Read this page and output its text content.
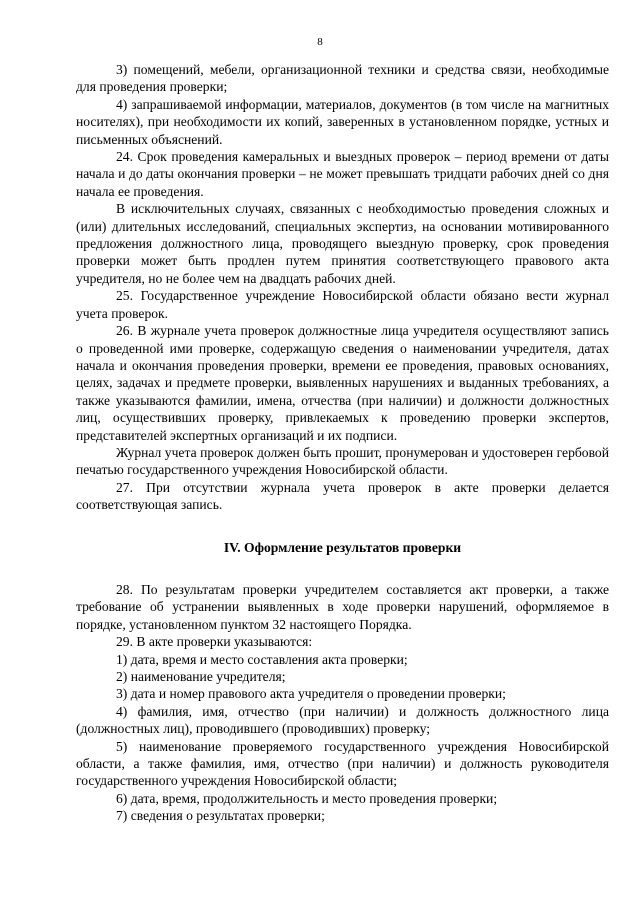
8

3) помещений, мебели, организационной техники и средства связи, необходимые для проведения проверки;

4) запрашиваемой информации, материалов, документов (в том числе на магнитных носителях), при необходимости их копий, заверенных в установленном порядке, устных и письменных объяснений.

24. Срок проведения камеральных и выездных проверок – период времени от даты начала и до даты окончания проверки – не может превышать тридцати рабочих дней со дня начала ее проведения.

В исключительных случаях, связанных с необходимостью проведения сложных и (или) длительных исследований, специальных экспертиз, на основании мотивированного предложения должностного лица, проводящего выездную проверку, срок проведения проверки может быть продлен путем принятия соответствующего правового акта учредителя, но не более чем на двадцать рабочих дней.

25. Государственное учреждение Новосибирской области обязано вести журнал учета проверок.

26. В журнале учета проверок должностные лица учредителя осуществляют запись о проведенной ими проверке, содержащую сведения о наименовании учредителя, датах начала и окончания проведения проверки, времени ее проведения, правовых основаниях, целях, задачах и предмете проверки, выявленных нарушениях и выданных требованиях, а также указываются фамилии, имена, отчества (при наличии) и должности должностных лиц, осуществивших проверку, привлекаемых к проведению проверки экспертов, представителей экспертных организаций и их подписи.

Журнал учета проверок должен быть прошит, пронумерован и удостоверен гербовой печатью государственного учреждения Новосибирской области.

27. При отсутствии журнала учета проверок в акте проверки делается соответствующая запись.

IV. Оформление результатов проверки

28. По результатам проверки учредителем составляется акт проверки, а также требование об устранении выявленных в ходе проверки нарушений, оформляемое в порядке, установленном пунктом 32 настоящего Порядка.

29. В акте проверки указываются:

1) дата, время и место составления акта проверки;

2) наименование учредителя;

3) дата и номер правового акта учредителя о проведении проверки;

4) фамилия, имя, отчество (при наличии) и должность должностного лица (должностных лиц), проводившего (проводивших) проверку;

5) наименование проверяемого государственного учреждения Новосибирской области, а также фамилия, имя, отчество (при наличии) и должность руководителя государственного учреждения Новосибирской области;

6) дата, время, продолжительность и место проведения проверки;

7) сведения о результатах проверки;
